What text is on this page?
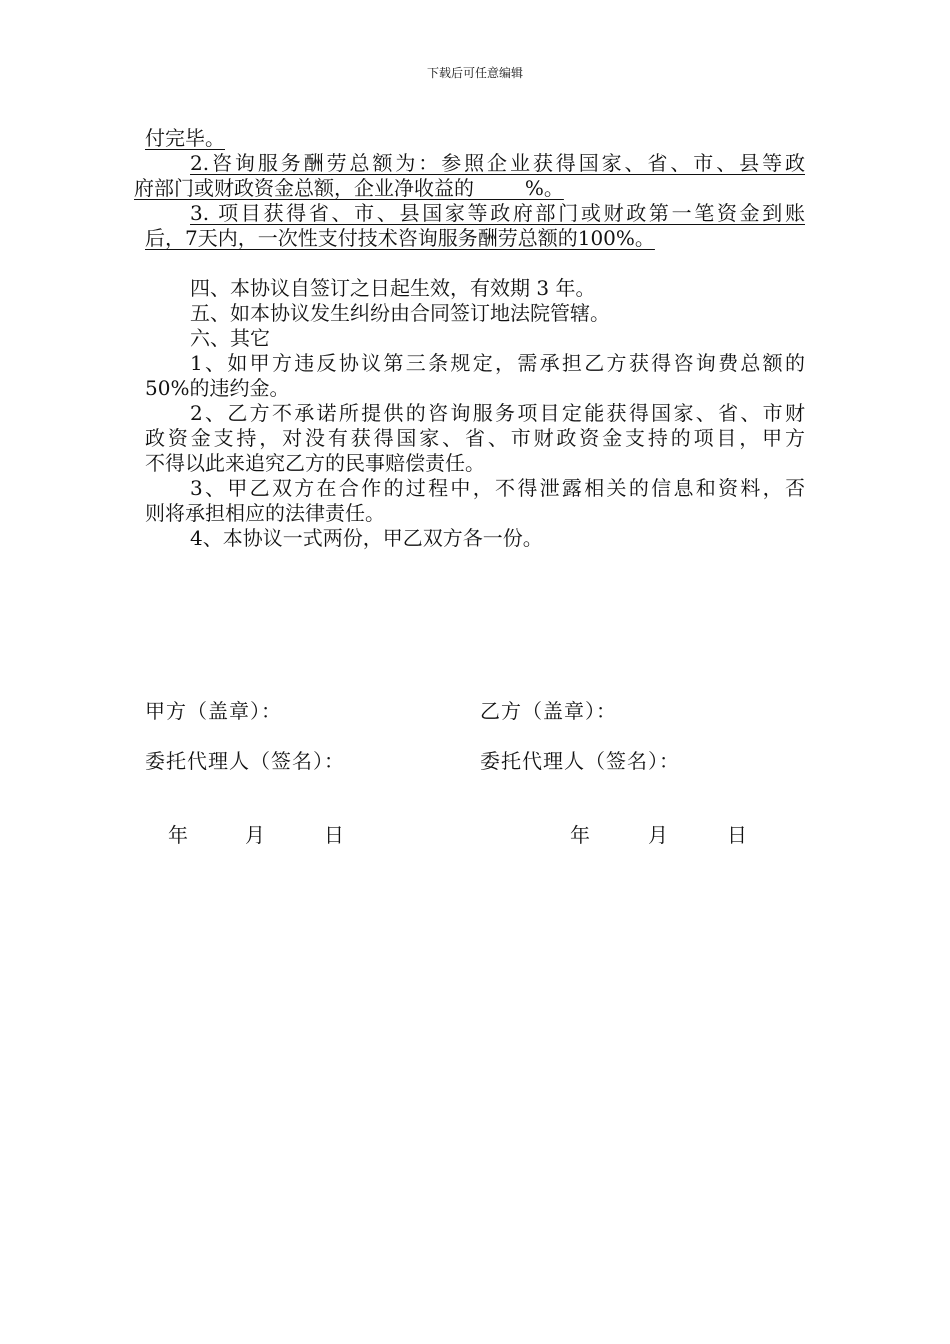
下载后可任意编辑
付完毕。
2.咨询服务酬劳总额为：参照企业获得国家、省、市、县等政
府部门或财政资金总额，企业净收益的        %。
3. 项目获得省、市、县国家等政府部门或财政第一笔资金到账
后，7天内，一次性支付技术咨询服务酬劳总额的100%。
四、本协议自签订之日起生效，有效期 3 年。
五、如本协议发生纠纷由合同签订地法院管辖。
六、其它
1、如甲方违反协议第三条规定，需承担乙方获得咨询费总额的
50%的违约金。
2、乙方不承诺所提供的咨询服务项目定能获得国家、省、市财
政资金支持，对没有获得国家、省、市财政资金支持的项目，甲方
不得以此来追究乙方的民事赔偿责任。
3、甲乙双方在合作的过程中，不得泄露相关的信息和资料，否
则将承担相应的法律责任。
4、本协议一式两份，甲乙双方各一份。
甲方（盖章）：	乙方（盖章）：
委托代理人（签名）：	委托代理人（签名）：
年	月	日	年	月	日
